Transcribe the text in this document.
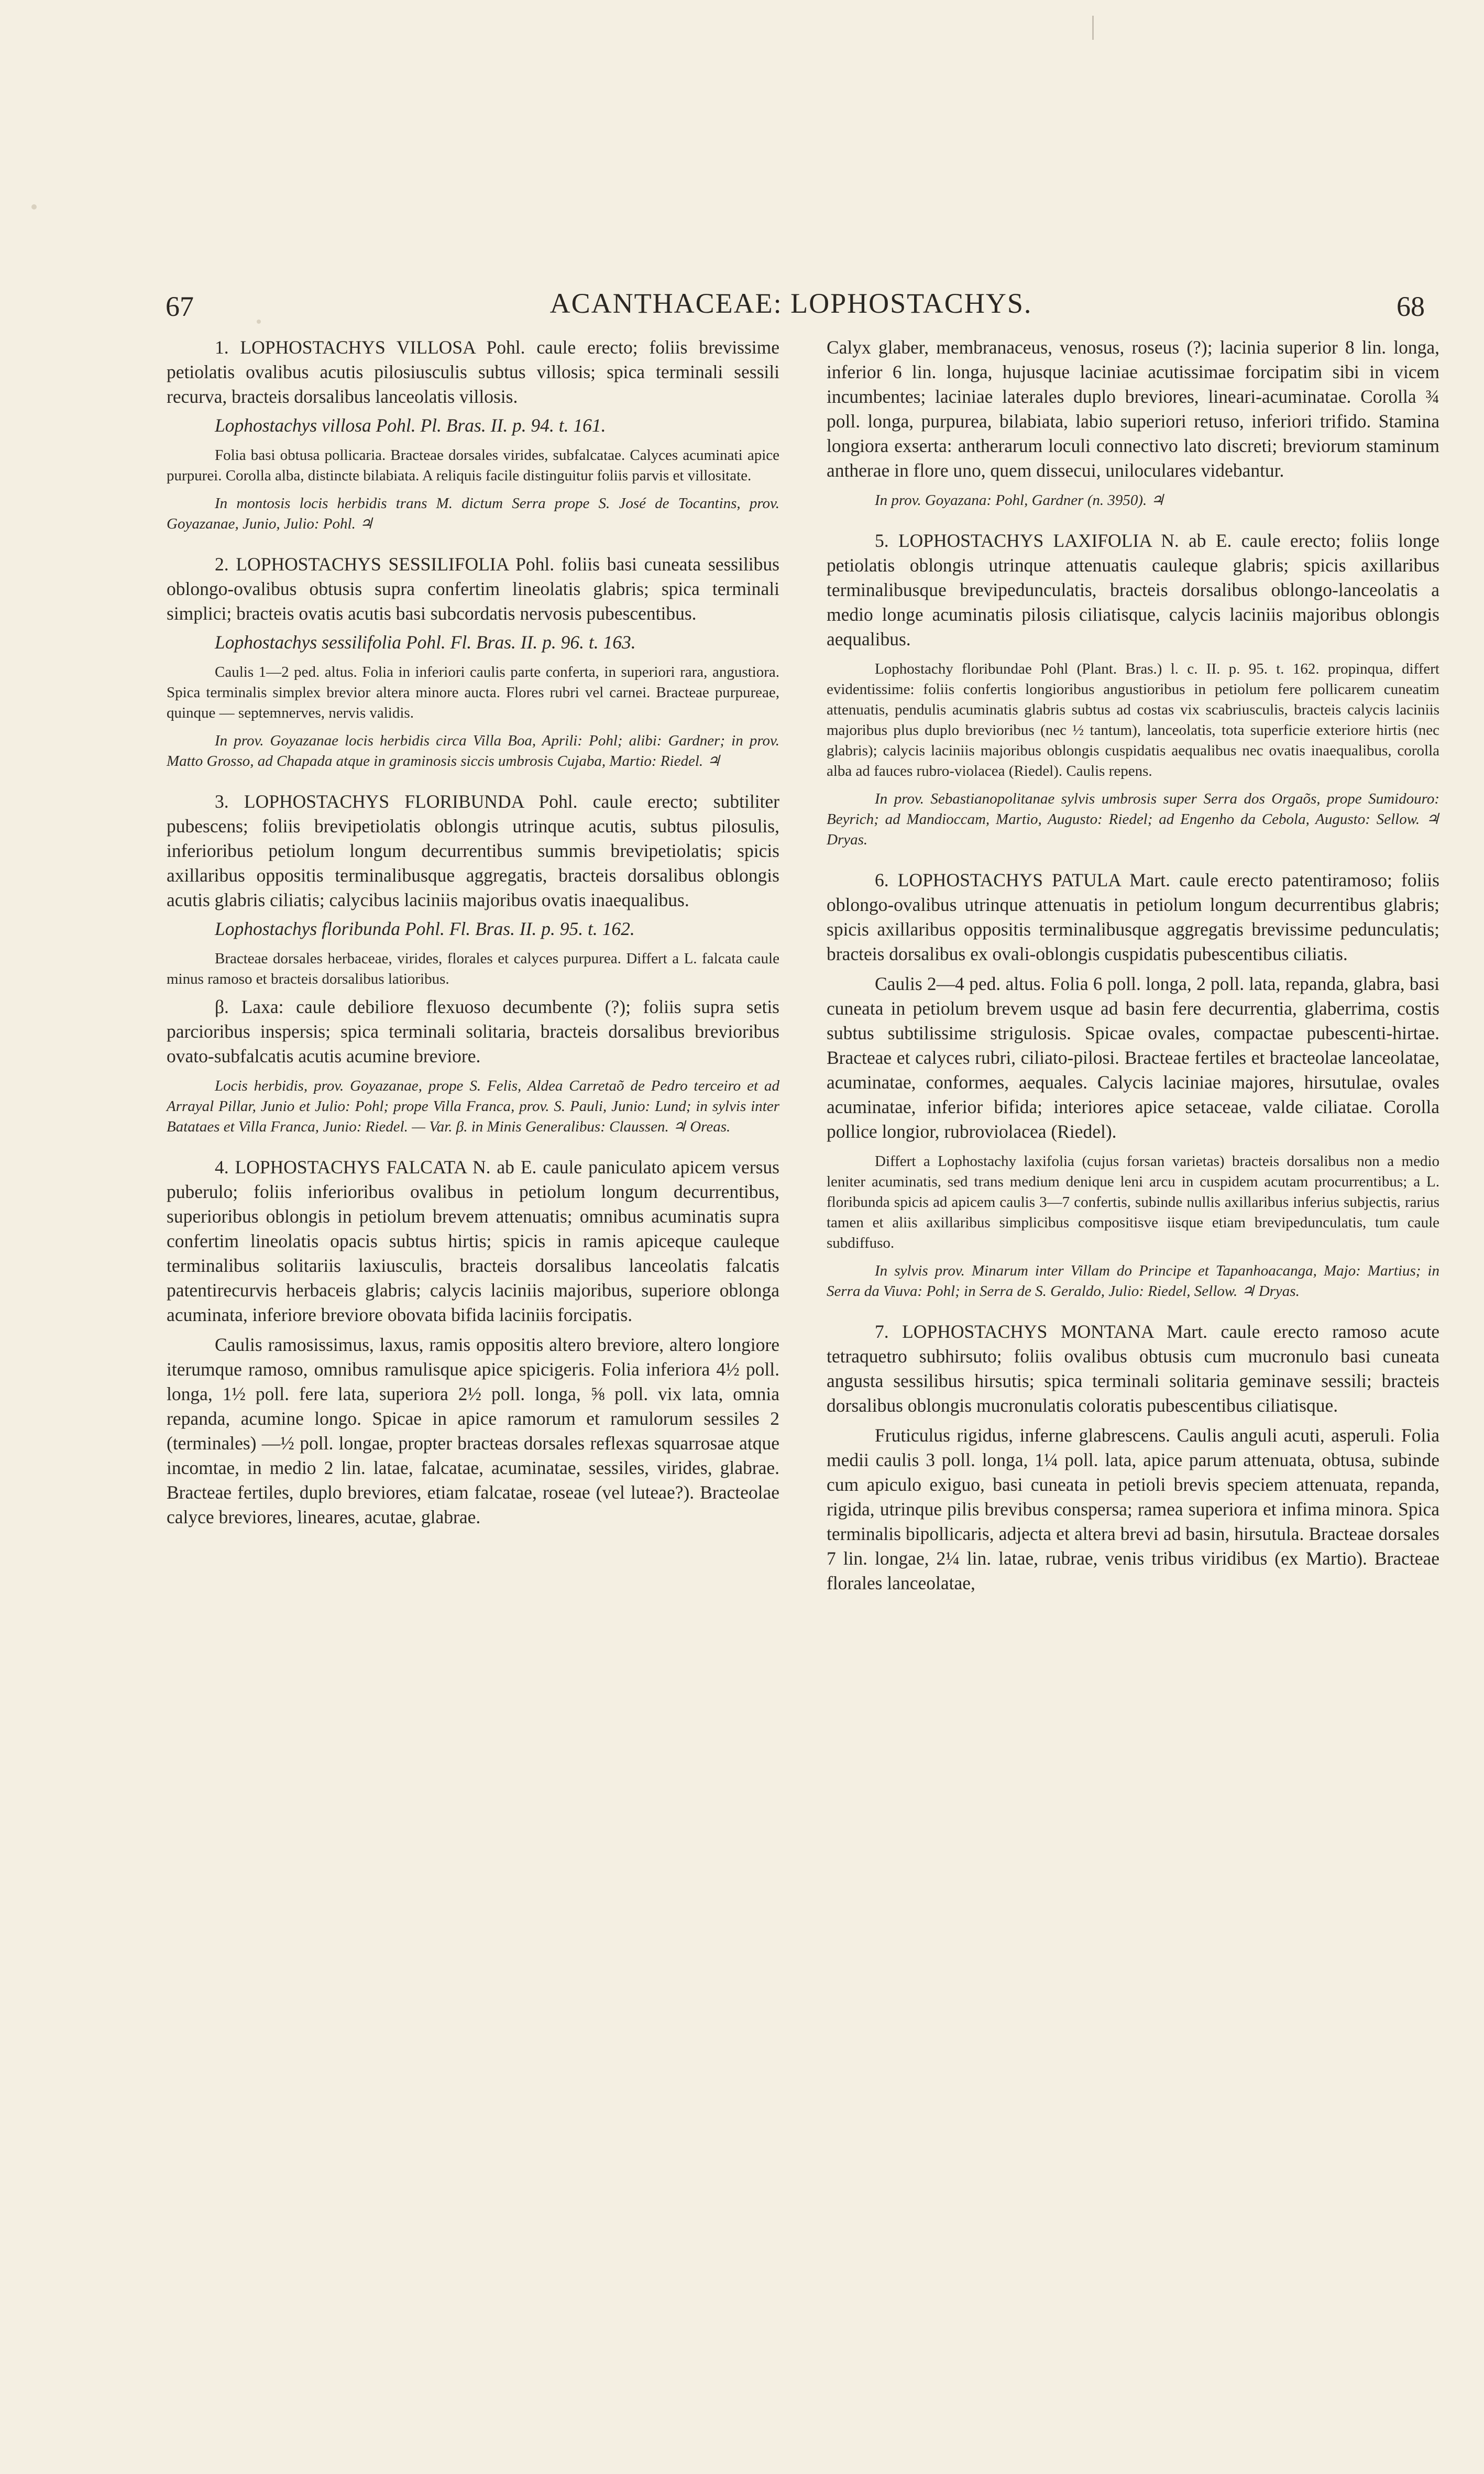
67	ACANTHACEAE: LOPHOSTACHYS.	68

1. LOPHOSTACHYS VILLOSA Pohl. caule erecto; foliis brevissime petiolatis ovalibus acutis pilosiusculis subtus villosis; spica terminali sessili recurva, bracteis dorsalibus lanceolatis villosis.

Lophostachys villosa Pohl. Pl. Bras. II. p. 94. t. 161.

Folia basi obtusa pollicaria. Bracteae dorsales virides, subfalcatae. Calyces acuminati apice purpurei. Corolla alba, distincte bilabiata. A reliquis facile distinguitur foliis parvis et villositate.

In montosis locis herbidis trans M. dictum Serra prope S. José de Tocantins, prov. Goyazanae, Junio, Julio: Pohl. ♃

2. LOPHOSTACHYS SESSILIFOLIA Pohl. foliis basi cuneata sessilibus oblongo-ovalibus obtusis supra confertim lineolatis glabris; spica terminali simplici; bracteis ovatis acutis basi subcordatis nervosis pubescentibus.

Lophostachys sessilifolia Pohl. Fl. Bras. II. p. 96. t. 163.

Caulis 1—2 ped. altus. Folia in inferiori caulis parte conferta, in superiori rara, angustiora. Spica terminalis simplex brevior altera minore aucta. Flores rubri vel carnei. Bracteae purpureae, quinque — septemnerves, nervis validis.

In prov. Goyazanae locis herbidis circa Villa Boa, Aprili: Pohl; alibi: Gardner; in prov. Matto Grosso, ad Chapada atque in graminosis siccis umbrosis Cujaba, Martio: Riedel. ♃

3. LOPHOSTACHYS FLORIBUNDA Pohl. caule erecto; subtiliter pubescens; foliis brevipetiolatis oblongis utrinque acutis, subtus pilosulis, inferioribus petiolum longum decurrentibus summis brevipetiolatis; spicis axillaribus oppositis terminalibusque aggregatis, bracteis dorsalibus oblongis acutis glabris ciliatis; calycibus laciniis majoribus ovatis inaequalibus.

Lophostachys floribunda Pohl. Fl. Bras. II. p. 95. t. 162.

Bracteae dorsales herbaceae, virides, florales et calyces purpurea. Differt a L. falcata caule minus ramoso et bracteis dorsalibus latioribus.

β. Laxa: caule debiliore flexuoso decumbente (?); foliis supra setis parcioribus inspersis; spica terminali solitaria, bracteis dorsalibus brevioribus ovato-subfalcatis acutis acumine breviore.

Locis herbidis, prov. Goyazanae, prope S. Felis, Aldea Carretaõ de Pedro terceiro et ad Arrayal Pillar, Junio et Julio: Pohl; prope Villa Franca, prov. S. Pauli, Junio: Lund; in sylvis inter Batataes et Villa Franca, Junio: Riedel. — Var. β. in Minis Generalibus: Claussen. ♃ Oreas.

4. LOPHOSTACHYS FALCATA N. ab E. caule paniculato apicem versus puberulo; foliis inferioribus ovalibus in petiolum longum decurrentibus, superioribus oblongis in petiolum brevem attenuatis; omnibus acuminatis supra confertim lineolatis opacis subtus hirtis; spicis in ramis apiceque cauleque terminalibus solitariis laxiusculis, bracteis dorsalibus lanceolatis falcatis patentirecurvis herbaceis glabris; calycis laciniis majoribus, superiore oblonga acuminata, inferiore breviore obovata bifida laciniis forcipatis.

Caulis ramosissimus, laxus, ramis oppositis altero breviore, altero longiore iterumque ramoso, omnibus ramulisque apice spicigeris. Folia inferiora 4½ poll. longa, 1½ poll. fere lata, superiora 2½ poll. longa, ⅝ poll. vix lata, omnia repanda, acumine longo. Spicae in apice ramorum et ramulorum sessiles 2 (terminales) —½ poll. longae, propter bracteas dorsales reflexas squarrosae atque incomtae, in medio 2 lin. latae, falcatae, acuminatae, sessiles, virides, glabrae. Bracteae fertiles, duplo breviores, etiam falcatae, roseae (vel luteae?). Bracteolae calyce breviores, lineares, acutae, glabrae.

Calyx glaber, membranaceus, venosus, roseus (?); lacinia superior 8 lin. longa, inferior 6 lin. longa, hujusque laciniae acutissimae forcipatim sibi in vicem incumbentes; laciniae laterales duplo breviores, lineari-acuminatae. Corolla ¾ poll. longa, purpurea, bilabiata, labio superiori retuso, inferiori trifido. Stamina longiora exserta: antherarum loculi connectivo lato discreti; breviorum staminum antherae in flore uno, quem dissecui, uniloculares videbantur.

In prov. Goyazana: Pohl, Gardner (n. 3950). ♃

5. LOPHOSTACHYS LAXIFOLIA N. ab E. caule erecto; foliis longe petiolatis oblongis utrinque attenuatis cauleque glabris; spicis axillaribus terminalibusque brevipedunculatis, bracteis dorsalibus oblongo-lanceolatis a medio longe acuminatis pilosis ciliatisque, calycis laciniis majoribus oblongis aequalibus.

Lophostachy floribundae Pohl (Plant. Bras.) l. c. II. p. 95. t. 162. propinqua, differt evidentissime: foliis confertis longioribus angustioribus in petiolum fere pollicarem cuneatim attenuatis, pendulis acuminatis glabris subtus ad costas vix scabriusculis, bracteis calycis laciniis majoribus plus duplo brevioribus (nec ½ tantum), lanceolatis, tota superficie exteriore hirtis (nec glabris); calycis laciniis majoribus oblongis cuspidatis aequalibus nec ovatis inaequalibus, corolla alba ad fauces rubro-violacea (Riedel). Caulis repens.

In prov. Sebastianopolitanae sylvis umbrosis super Serra dos Orgaõs, prope Sumidouro: Beyrich; ad Mandioccam, Martio, Augusto: Riedel; ad Engenho da Cebola, Augusto: Sellow. ♃ Dryas.

6. LOPHOSTACHYS PATULA Mart. caule erecto patentiramoso; foliis oblongo-ovalibus utrinque attenuatis in petiolum longum decurrentibus glabris; spicis axillaribus oppositis terminalibusque aggregatis brevissime pedunculatis; bracteis dorsalibus ex ovali-oblongis cuspidatis pubescentibus ciliatis.

Caulis 2—4 ped. altus. Folia 6 poll. longa, 2 poll. lata, repanda, glabra, basi cuneata in petiolum brevem usque ad basin fere decurrentia, glaberrima, costis subtus subtilissime strigulosis. Spicae ovales, compactae pubescenti-hirtae. Bracteae et calyces rubri, ciliato-pilosi. Bracteae fertiles et bracteolae lanceolatae, acuminatae, conformes, aequales. Calycis laciniae majores, hirsutulae, ovales acuminatae, inferior bifida; interiores apice setaceae, valde ciliatae. Corolla pollice longior, rubroviolacea (Riedel).

Differt a Lophostachy laxifolia (cujus forsan varietas) bracteis dorsalibus non a medio leniter acuminatis, sed trans medium denique leni arcu in cuspidem acutam procurrentibus; a L. floribunda spicis ad apicem caulis 3—7 confertis, subinde nullis axillaribus inferius subjectis, rarius tamen et aliis axillaribus simplicibus compositisve iisque etiam brevipedunculatis, tum caule subdiffuso.

In sylvis prov. Minarum inter Villam do Principe et Tapanhoacanga, Majo: Martius; in Serra da Viuva: Pohl; in Serra de S. Geraldo, Julio: Riedel, Sellow. ♃ Dryas.

7. LOPHOSTACHYS MONTANA Mart. caule erecto ramoso acute tetraquetro subhirsuto; foliis ovalibus obtusis cum mucronulo basi cuneata angusta sessilibus hirsutis; spica terminali solitaria geminave sessili; bracteis dorsalibus oblongis mucronulatis coloratis pubescentibus ciliatisque.

Fruticulus rigidus, inferne glabrescens. Caulis anguli acuti, asperuli. Folia medii caulis 3 poll. longa, 1¼ poll. lata, apice parum attenuata, obtusa, subinde cum apiculo exiguo, basi cuneata in petioli brevis speciem attenuata, repanda, rigida, utrinque pilis brevibus conspersa; ramea superiora et infima minora. Spica terminalis bipollicaris, adjecta et altera brevi ad basin, hirsutula. Bracteae dorsales 7 lin. longae, 2¼ lin. latae, rubrae, venis tribus viridibus (ex Martio). Bracteae florales lanceolatae,
